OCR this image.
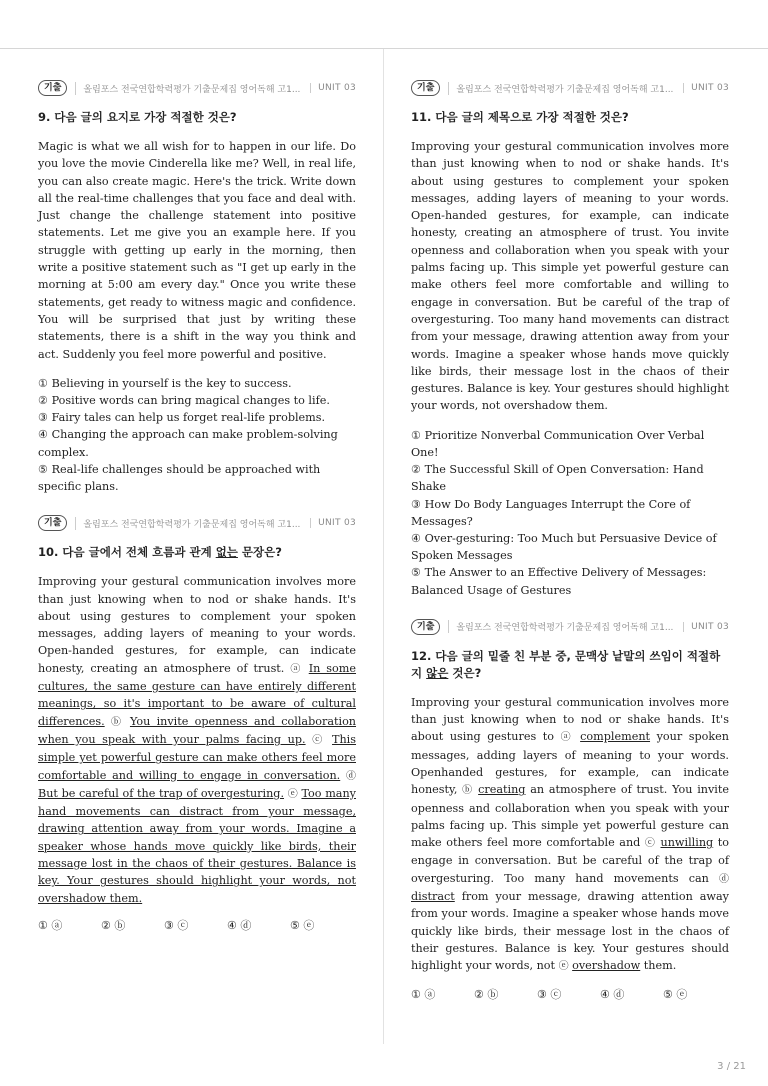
기출	올림포스 전국연합학력평가 기출문제집 영어독해 고1...	UNIT 03
9. 다음 글의 요지로 가장 적절한 것은?

Magic is what we all wish for to happen in our life. Do you love the movie Cinderella like me? Well, in real life, you can also create magic. Here's the trick. Write down all the real-time challenges that you face and deal with. Just change the challenge statement into positive statements. Let me give you an example here. If you struggle with getting up early in the morning, then write a positive statement such as "I get up early in the morning at 5:00 am every day." Once you write these statements, get ready to witness magic and confidence. You will be surprised that just by writing these statements, there is a shift in the way you think and act. Suddenly you feel more powerful and positive.

① Believing in yourself is the key to success.
② Positive words can bring magical changes to life.
③ Fairy tales can help us forget real-life problems.
④ Changing the approach can make problem-solving complex.
⑤ Real-life challenges should be approached with specific plans.
기출	올림포스 전국연합학력평가 기출문제집 영어독해 고1...	UNIT 03
10. 다음 글에서 전체 흐름과 관계 없는 문장은?

Improving your gestural communication involves more than just knowing when to nod or shake hands. It's about using gestures to complement your spoken messages, adding layers of meaning to your words. Open-handed gestures, for example, can indicate honesty, creating an atmosphere of trust. ⓐ In some cultures, the same gesture can have entirely different meanings, so it's important to be aware of cultural differences. ⓑ You invite openness and collaboration when you speak with your palms facing up. ⓒ This simple yet powerful gesture can make others feel more comfortable and willing to engage in conversation. ⓓ But be careful of the trap of overgesturing. ⓔ Too many hand movements can distract from your message, drawing attention away from your words. Imagine a speaker whose hands move quickly like birds, their message lost in the chaos of their gestures. Balance is key. Your gestures should highlight your words, not overshadow them.

① ⓐ	② ⓑ	③ ⓒ	④ ⓓ	⑤ ⓔ
기출	올림포스 전국연합학력평가 기출문제집 영어독해 고1...	UNIT 03
11. 다음 글의 제목으로 가장 적절한 것은?

Improving your gestural communication involves more than just knowing when to nod or shake hands. It's about using gestures to complement your spoken messages, adding layers of meaning to your words. Open-handed gestures, for example, can indicate honesty, creating an atmosphere of trust. You invite openness and collaboration when you speak with your palms facing up. This simple yet powerful gesture can make others feel more comfortable and willing to engage in conversation. But be careful of the trap of overgesturing. Too many hand movements can distract from your message, drawing attention away from your words. Imagine a speaker whose hands move quickly like birds, their message lost in the chaos of their gestures. Balance is key. Your gestures should highlight your words, not overshadow them.

① Prioritize Nonverbal Communication Over Verbal One!
② The Successful Skill of Open Conversation: Hand Shake
③ How Do Body Languages Interrupt the Core of Messages?
④ Over-gesturing: Too Much but Persuasive Device of Spoken Messages
⑤ The Answer to an Effective Delivery of Messages: Balanced Usage of Gestures
기출	올림포스 전국연합학력평가 기출문제집 영어독해 고1...	UNIT 03
12. 다음 글의 밑줄 친 부분 중, 문맥상 낱말의 쓰임이 적절하지 않은 것은?

Improving your gestural communication involves more than just knowing when to nod or shake hands. It's about using gestures to ⓐ complement your spoken messages, adding layers of meaning to your words. Openhanded gestures, for example, can indicate honesty, ⓑ creating an atmosphere of trust. You invite openness and collaboration when you speak with your palms facing up. This simple yet powerful gesture can make others feel more comfortable and ⓒ unwilling to engage in conversation. But be careful of the trap of overgesturing. Too many hand movements can ⓓ distract from your message, drawing attention away from your words. Imagine a speaker whose hands move quickly like birds, their message lost in the chaos of their gestures. Balance is key. Your gestures should highlight your words, not ⓔ overshadow them.

① ⓐ	② ⓑ	③ ⓒ	④ ⓓ	⑤ ⓔ
3 / 21
